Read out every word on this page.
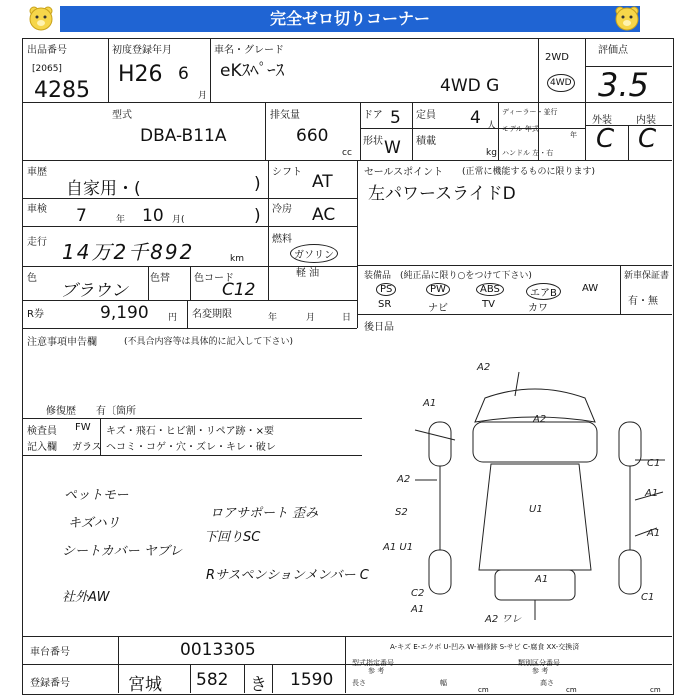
完全ゼロ切りコーナー
出品番号
[2065]
4285
初度登録年月
H26 6
月
車名・グレード
eKｽﾍﾟｰｽ
4WD G
2WD
4WD
評価点
3.5
型式
DBA-B11A
排気量
660
cc
ドア 5
形状 W
定員 4 人
積載
kg
ディーラー・並行
モデル 年式
年
ハンドル 左・右
外装 内装
C C
車歴
自家用・(	)
シフト AT
車検 7	年 10 月(	) 冷房 AC
走行 14万2千892	km
燃料
ガソリン
軽 油
色
ブラウン
色替 色コード
C12
R券	9,190 円 名変期限	年	月	日
セールスポイント (正常に機能するものに限ります)
左パワースライドD
装備品 (純正品に限り○をつけて下さい)
PS	PW	ABS	エアB	AW
SR	ナビ	TV	カワ
新車保証書
有・無
後日品
注意事項申告欄	(不具合内容等は具体的に記入して下さい)
修復歴　　有〔箇所
検査員
記入欄
FW
ガラス
キズ・飛石・ヒビ割・リペア跡・×要
ヘコミ・コゲ・穴・ズレ・キレ・破レ
ペットモー
キズハリ
シートカバー ヤブレ
社外AW
ロアサポート 歪み
下回りSC
Rサスペンションメンバー C
A2
A1
A2
A2
S2
A1 U1
U1
A1
C2
A1
A2 ワレ
C1
A1
A1
C1
A-キズ E-エクボ U-凹み W-補修跡 S-サビ C-腐食 XX-交換済
車台番号	0013305
登録番号	宮城 582 き 1590
型式指定番号
参 考
類別区分番号
参 考
長さ	幅	高さ
cm	cm	cm
